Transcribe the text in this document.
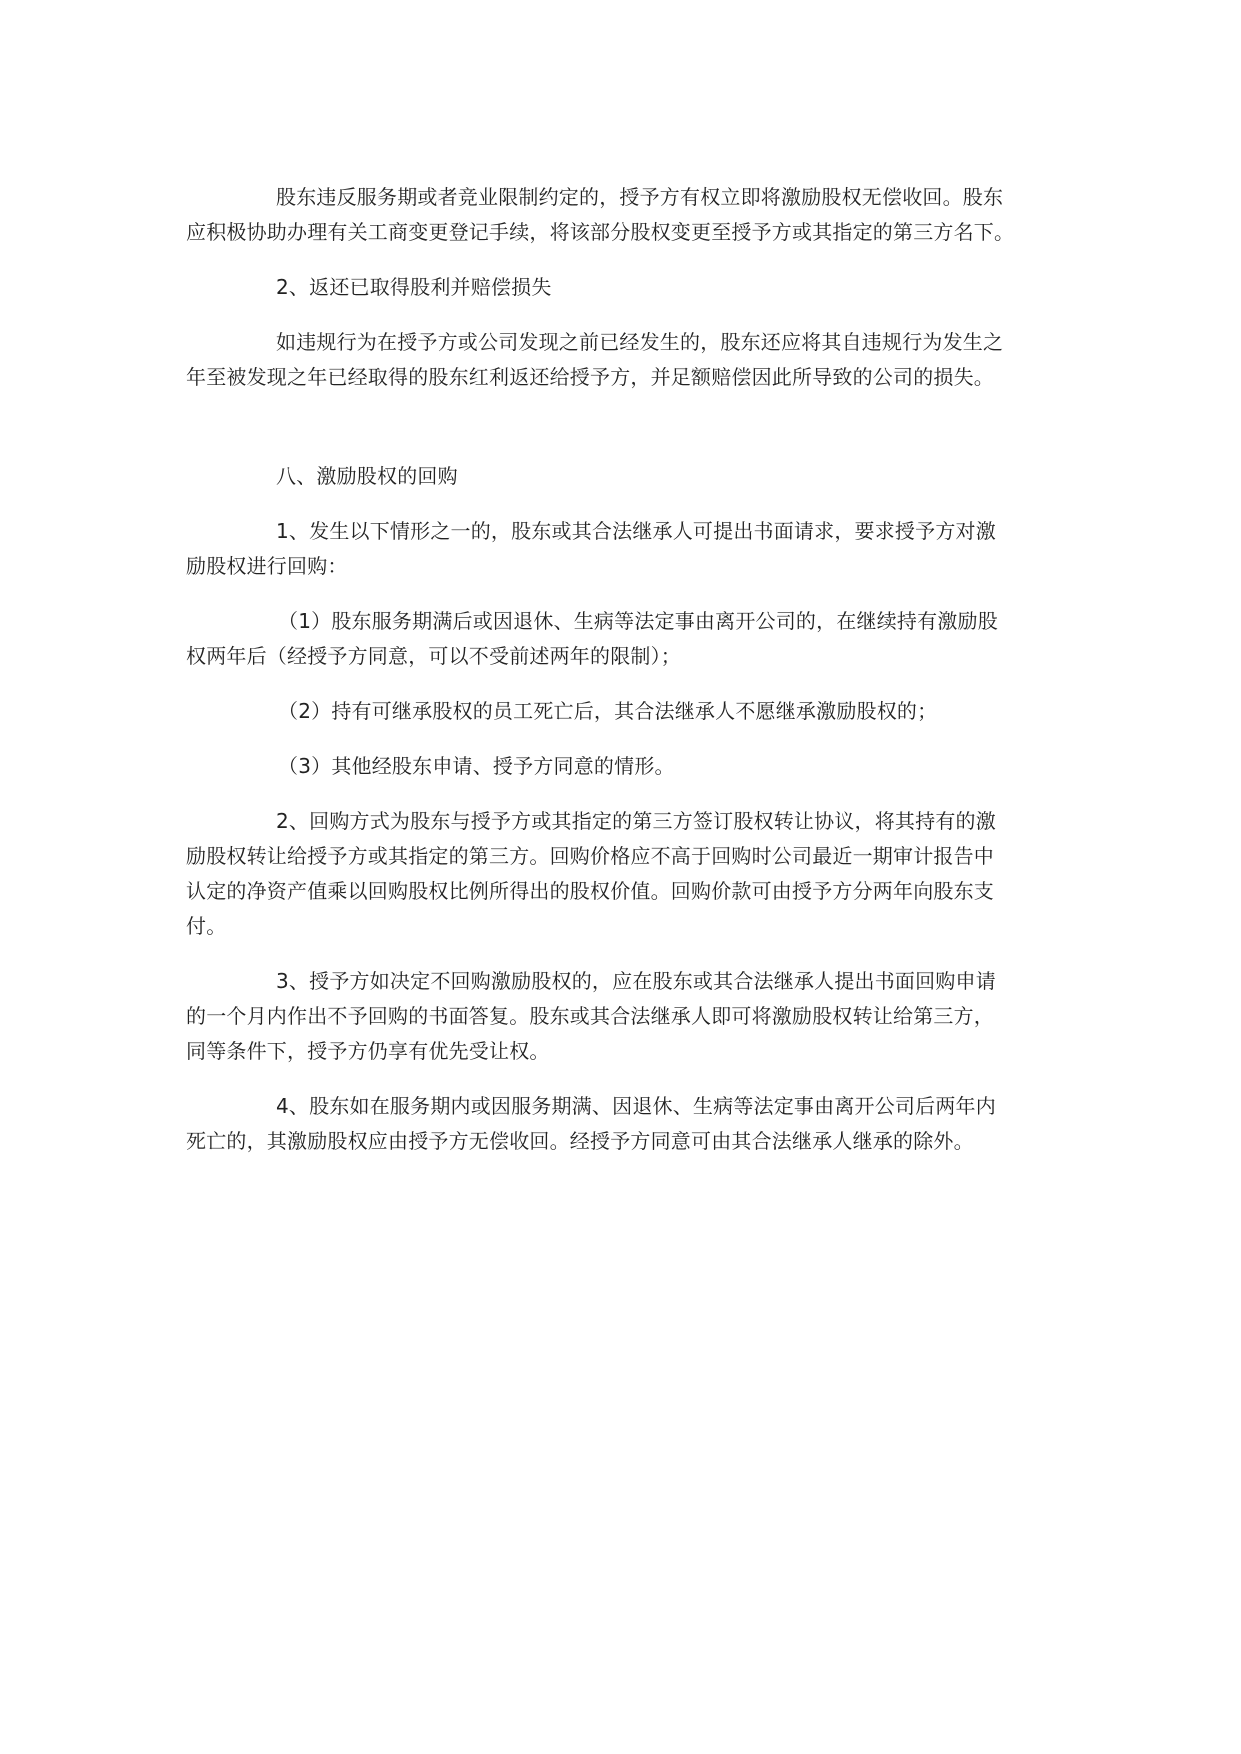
股东违反服务期或者竞业限制约定的，授予方有权立即将激励股权无偿收回。股东
应积极协助办理有关工商变更登记手续，将该部分股权变更至授予方或其指定的第三方名下。

2、返还已取得股利并赔偿损失

如违规行为在授予方或公司发现之前已经发生的，股东还应将其自违规行为发生之
年至被发现之年已经取得的股东红利返还给授予方，并足额赔偿因此所导致的公司的损失。

八、激励股权的回购

1、发生以下情形之一的，股东或其合法继承人可提出书面请求，要求授予方对激
励股权进行回购：

（1）股东服务期满后或因退休、生病等法定事由离开公司的，在继续持有激励股
权两年后（经授予方同意，可以不受前述两年的限制）；

（2）持有可继承股权的员工死亡后，其合法继承人不愿继承激励股权的；

（3）其他经股东申请、授予方同意的情形。

2、回购方式为股东与授予方或其指定的第三方签订股权转让协议，将其持有的激
励股权转让给授予方或其指定的第三方。回购价格应不高于回购时公司最近一期审计报告中
认定的净资产值乘以回购股权比例所得出的股权价值。回购价款可由授予方分两年向股东支
付。

3、授予方如决定不回购激励股权的，应在股东或其合法继承人提出书面回购申请
的一个月内作出不予回购的书面答复。股东或其合法继承人即可将激励股权转让给第三方，
同等条件下，授予方仍享有优先受让权。

4、股东如在服务期内或因服务期满、因退休、生病等法定事由离开公司后两年内
死亡的，其激励股权应由授予方无偿收回。经授予方同意可由其合法继承人继承的除外。
